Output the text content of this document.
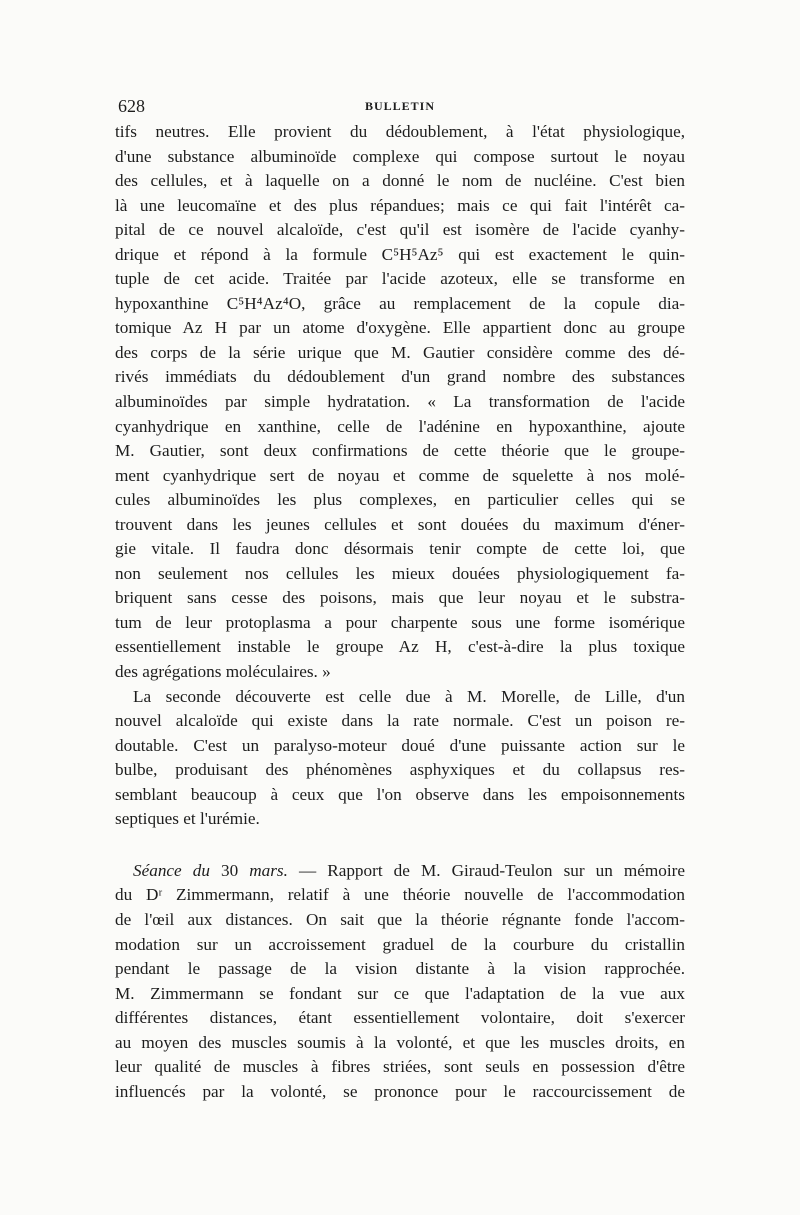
628	BULLETIN
tifs neutres. Elle provient du dédoublement, à l'état physiologique,
d'une substance albuminoïde complexe qui compose surtout le noyau
des cellules, et à laquelle on a donné le nom de nucléine. C'est bien
là une leucomaïne et des plus répandues; mais ce qui fait l'intérêt ca-
pital de ce nouvel alcaloïde, c'est qu'il est isomère de l'acide cyanhy-
drique et répond à la formule C⁵H⁵Az⁵ qui est exactement le quin-
tuple de cet acide. Traitée par l'acide azoteux, elle se transforme en
hypoxanthine C⁵H⁴Az⁴O, grâce au remplacement de la copule dia-
tomique Az H par un atome d'oxygène. Elle appartient donc au groupe
des corps de la série urique que M. Gautier considère comme des dé-
rivés immédiats du dédoublement d'un grand nombre des substances
albuminoïdes par simple hydratation. « La transformation de l'acide
cyanhydrique en xanthine, celle de l'adénine en hypoxanthine, ajoute
M. Gautier, sont deux confirmations de cette théorie que le groupe-
ment cyanhydrique sert de noyau et comme de squelette à nos molé-
cules albuminoïdes les plus complexes, en particulier celles qui se
trouvent dans les jeunes cellules et sont douées du maximum d'éner-
gie vitale. Il faudra donc désormais tenir compte de cette loi, que
non seulement nos cellules les mieux douées physiologiquement fa-
briquent sans cesse des poisons, mais que leur noyau et le substra-
tum de leur protoplasma a pour charpente sous une forme isomérique
essentiellement instable le groupe Az H, c'est-à-dire la plus toxique
des agrégations moléculaires. »
La seconde découverte est celle due à M. Morelle, de Lille, d'un
nouvel alcaloïde qui existe dans la rate normale. C'est un poison re-
doutable. C'est un paralyso-moteur doué d'une puissante action sur le
bulbe, produisant des phénomènes asphyxiques et du collapsus res-
semblant beaucoup à ceux que l'on observe dans les empoisonnements
septiques et l'urémie.
Séance du 30 mars. — Rapport de M. Giraud-Teulon sur un mémoire
du Dʳ Zimmermann, relatif à une théorie nouvelle de l'accommodation
de l'œil aux distances. On sait que la théorie régnante fonde l'accom-
modation sur un accroissement graduel de la courbure du cristallin
pendant le passage de la vision distante à la vision rapprochée.
M. Zimmermann se fondant sur ce que l'adaptation de la vue aux
différentes distances, étant essentiellement volontaire, doit s'exercer
au moyen des muscles soumis à la volonté, et que les muscles droits, en
leur qualité de muscles à fibres striées, sont seuls en possession d'être
influencés par la volonté, se prononce pour le raccourcissement de
